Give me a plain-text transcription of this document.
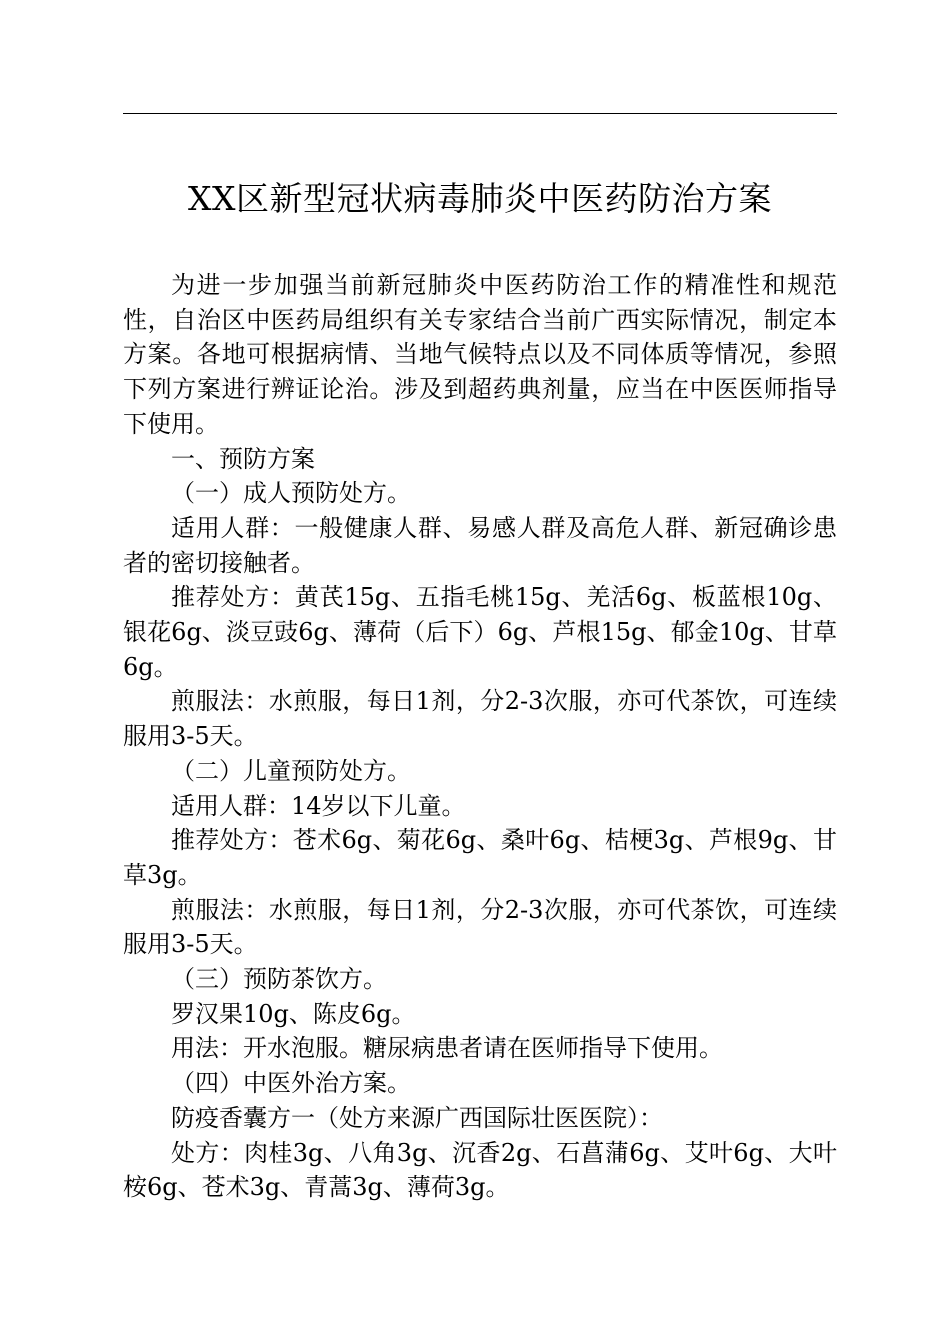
XX区新型冠状病毒肺炎中医药防治方案

为进一步加强当前新冠肺炎中医药防治工作的精准性和规范性，自治区中医药局组织有关专家结合当前广西实际情况，制定本方案。各地可根据病情、当地气候特点以及不同体质等情况，参照下列方案进行辨证论治。涉及到超药典剂量，应当在中医医师指导下使用。

一、预防方案

（一）成人预防处方。

适用人群：一般健康人群、易感人群及高危人群、新冠确诊患者的密切接触者。

推荐处方：黄芪15g、五指毛桃15g、羌活6g、板蓝根10g、银花6g、淡豆豉6g、薄荷（后下）6g、芦根15g、郁金10g、甘草6g。

煎服法：水煎服，每日1剂，分2-3次服，亦可代茶饮，可连续服用3-5天。

（二）儿童预防处方。

适用人群：14岁以下儿童。

推荐处方：苍术6g、菊花6g、桑叶6g、桔梗3g、芦根9g、甘草3g。

煎服法：水煎服，每日1剂，分2-3次服，亦可代茶饮，可连续服用3-5天。

（三）预防茶饮方。

罗汉果10g、陈皮6g。

用法：开水泡服。糖尿病患者请在医师指导下使用。

（四）中医外治方案。

防疫香囊方一（处方来源广西国际壮医医院）：

处方：肉桂3g、八角3g、沉香2g、石菖蒲6g、艾叶6g、大叶桉6g、苍术3g、青蒿3g、薄荷3g。
